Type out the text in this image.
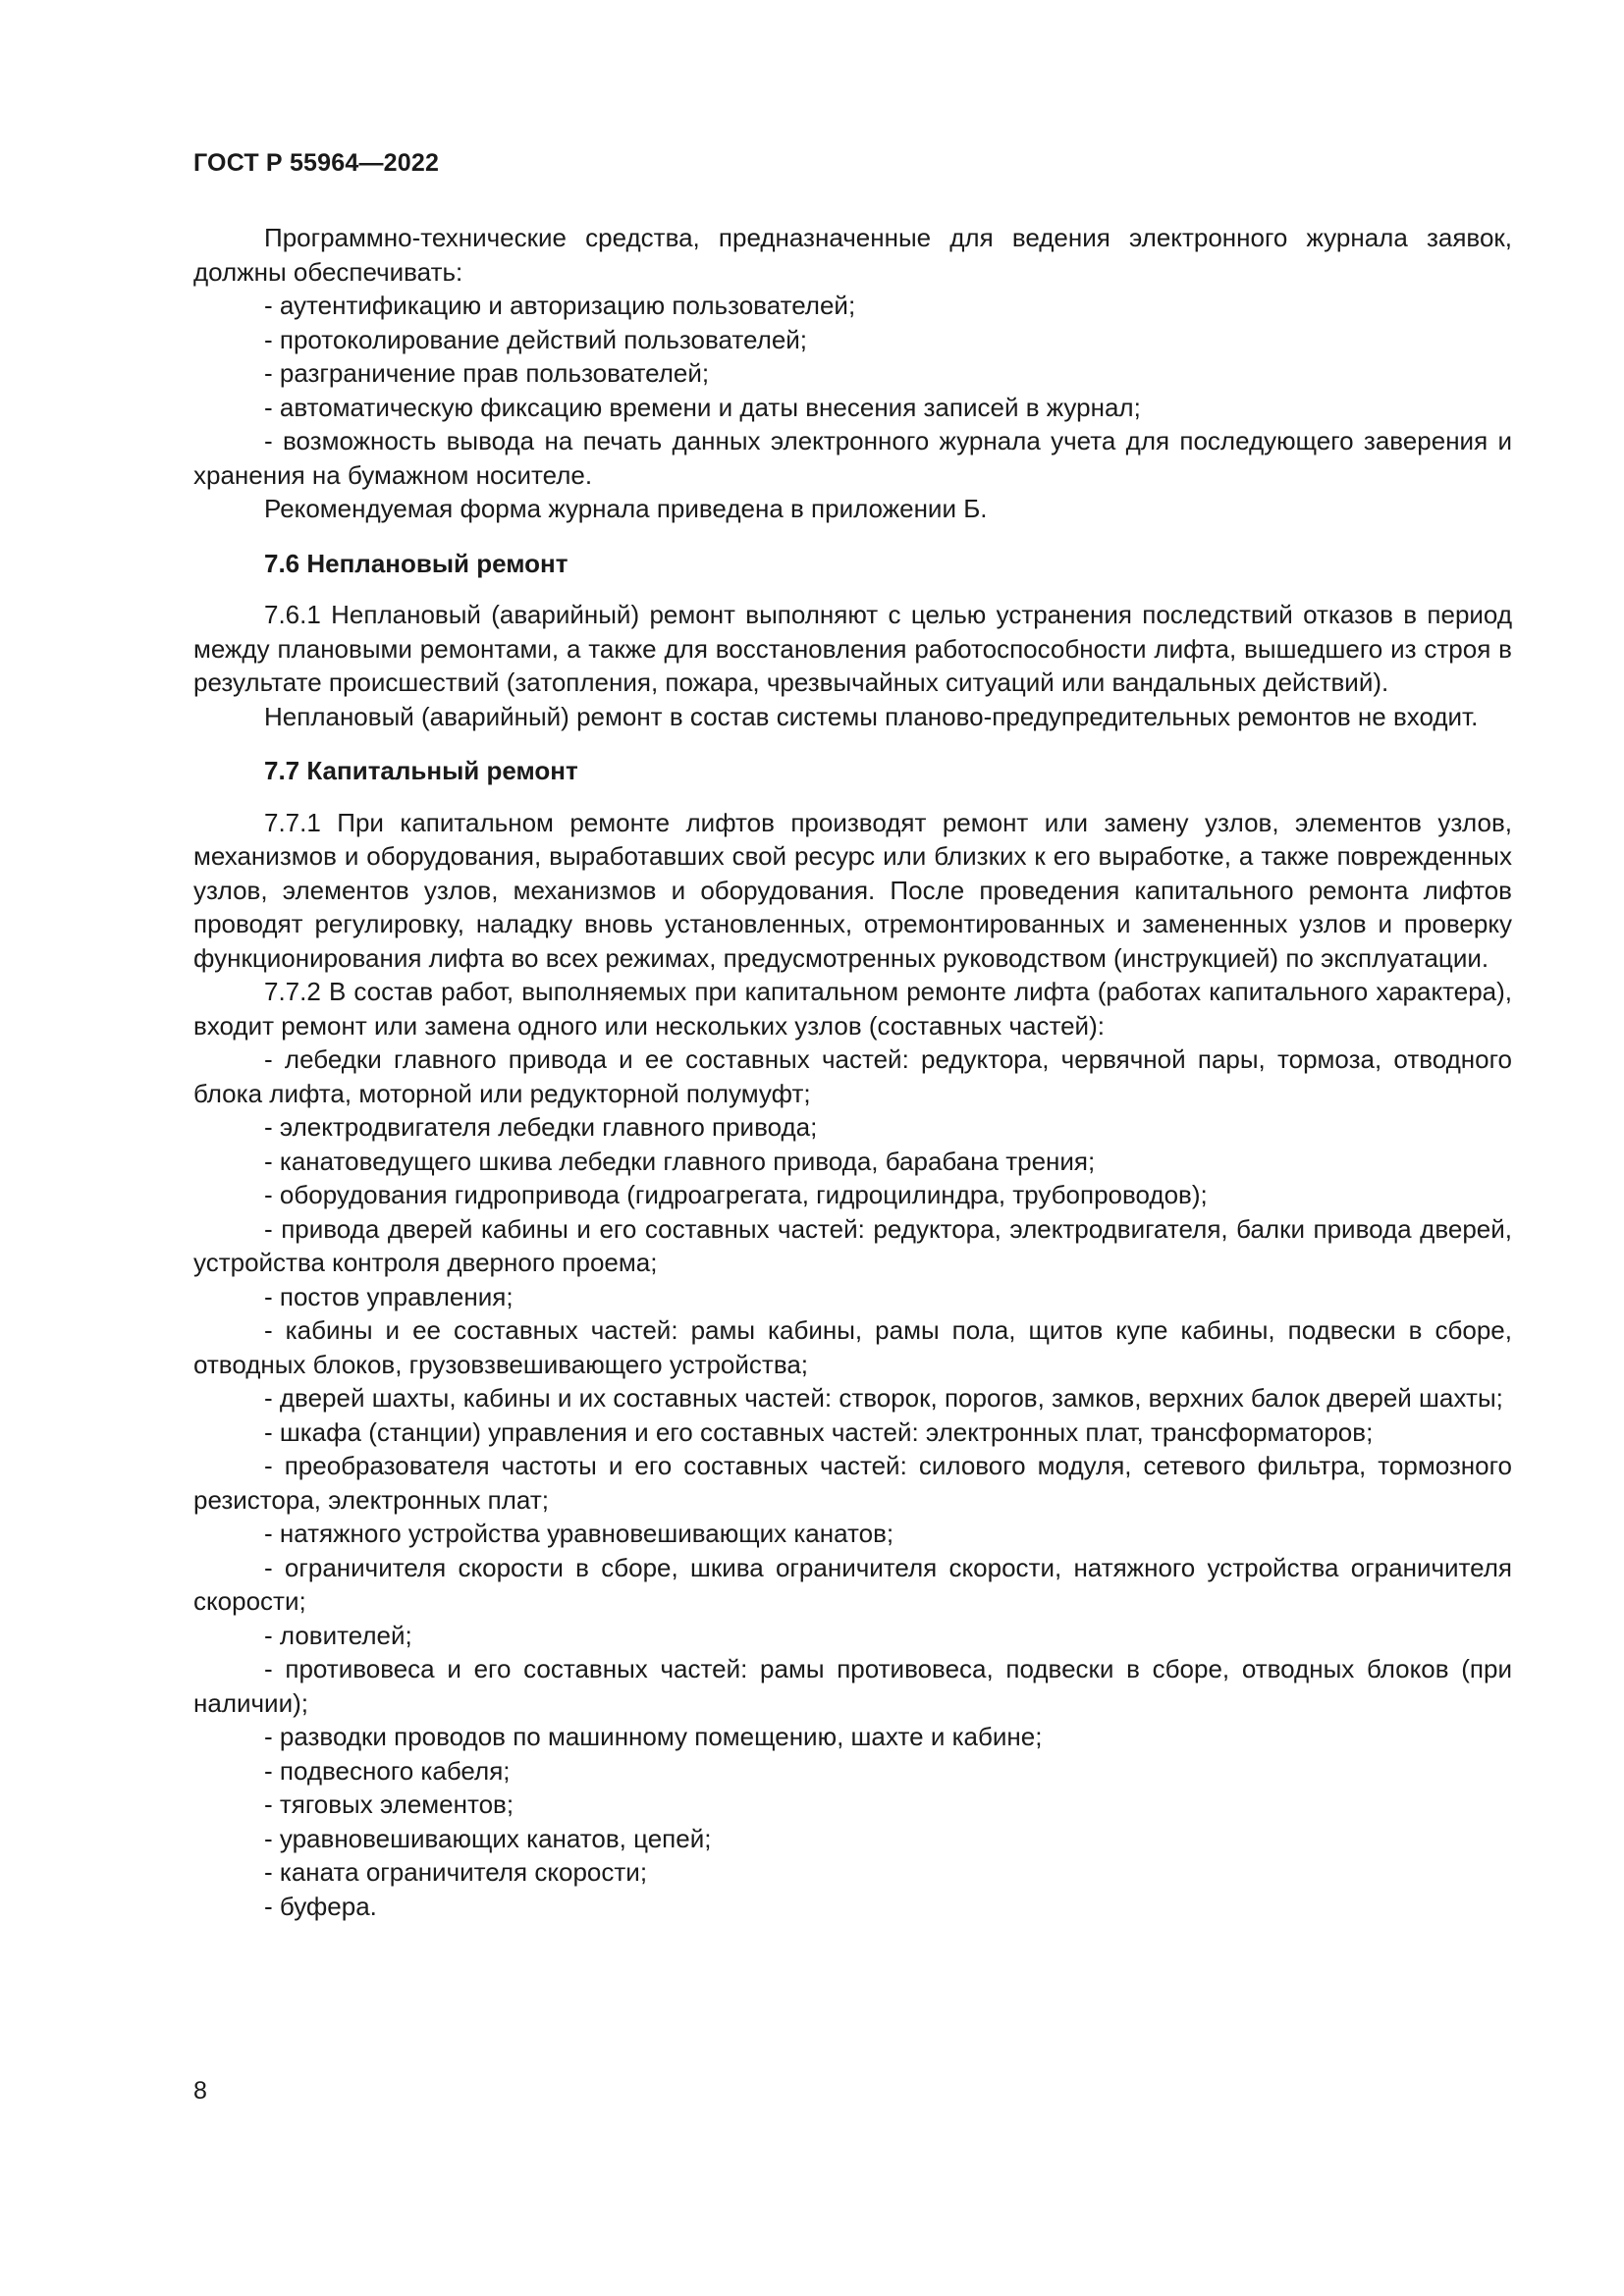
ГОСТ Р 55964—2022

Программно-технические средства, предназначенные для ведения электронного журнала заявок, должны обеспечивать:

- аутентификацию и авторизацию пользователей;

- протоколирование действий пользователей;

- разграничение прав пользователей;

- автоматическую фиксацию времени и даты внесения записей в журнал;

- возможность вывода на печать данных электронного журнала учета для последующего заверения и хранения на бумажном носителе.

Рекомендуемая форма журнала приведена в приложении Б.

7.6 Неплановый ремонт

7.6.1 Неплановый (аварийный) ремонт выполняют с целью устранения последствий отказов в период между плановыми ремонтами, а также для восстановления работоспособности лифта, вышедшего из строя в результате происшествий (затопления, пожара, чрезвычайных ситуаций или вандальных действий).

Неплановый (аварийный) ремонт в состав системы планово-предупредительных ремонтов не входит.

7.7 Капитальный ремонт

7.7.1 При капитальном ремонте лифтов производят ремонт или замену узлов, элементов узлов, механизмов и оборудования, выработавших свой ресурс или близких к его выработке, а также поврежденных узлов, элементов узлов, механизмов и оборудования. После проведения капитального ремонта лифтов проводят регулировку, наладку вновь установленных, отремонтированных и замененных узлов и проверку функционирования лифта во всех режимах, предусмотренных руководством (инструкцией) по эксплуатации.

7.7.2 В состав работ, выполняемых при капитальном ремонте лифта (работах капитального характера), входит ремонт или замена одного или нескольких узлов (составных частей):

- лебедки главного привода и ее составных частей: редуктора, червячной пары, тормоза, отводного блока лифта, моторной или редукторной полумуфт;

- электродвигателя лебедки главного привода;

- канатоведущего шкива лебедки главного привода, барабана трения;

- оборудования гидропривода (гидроагрегата, гидроцилиндра, трубопроводов);

- привода дверей кабины и его составных частей: редуктора, электродвигателя, балки привода дверей, устройства контроля дверного проема;

- постов управления;

- кабины и ее составных частей: рамы кабины, рамы пола, щитов купе кабины, подвески в сборе, отводных блоков, грузовзвешивающего устройства;

- дверей шахты, кабины и их составных частей: створок, порогов, замков, верхних балок дверей шахты;

- шкафа (станции) управления и его составных частей: электронных плат, трансформаторов;

- преобразователя частоты и его составных частей: силового модуля, сетевого фильтра, тормозного резистора, электронных плат;

- натяжного устройства уравновешивающих канатов;

- ограничителя скорости в сборе, шкива ограничителя скорости, натяжного устройства ограничителя скорости;

- ловителей;

- противовеса и его составных частей: рамы противовеса, подвески в сборе, отводных блоков (при наличии);

- разводки проводов по машинному помещению, шахте и кабине;

- подвесного кабеля;

- тяговых элементов;

- уравновешивающих канатов, цепей;

- каната ограничителя скорости;

- буфера.

8
